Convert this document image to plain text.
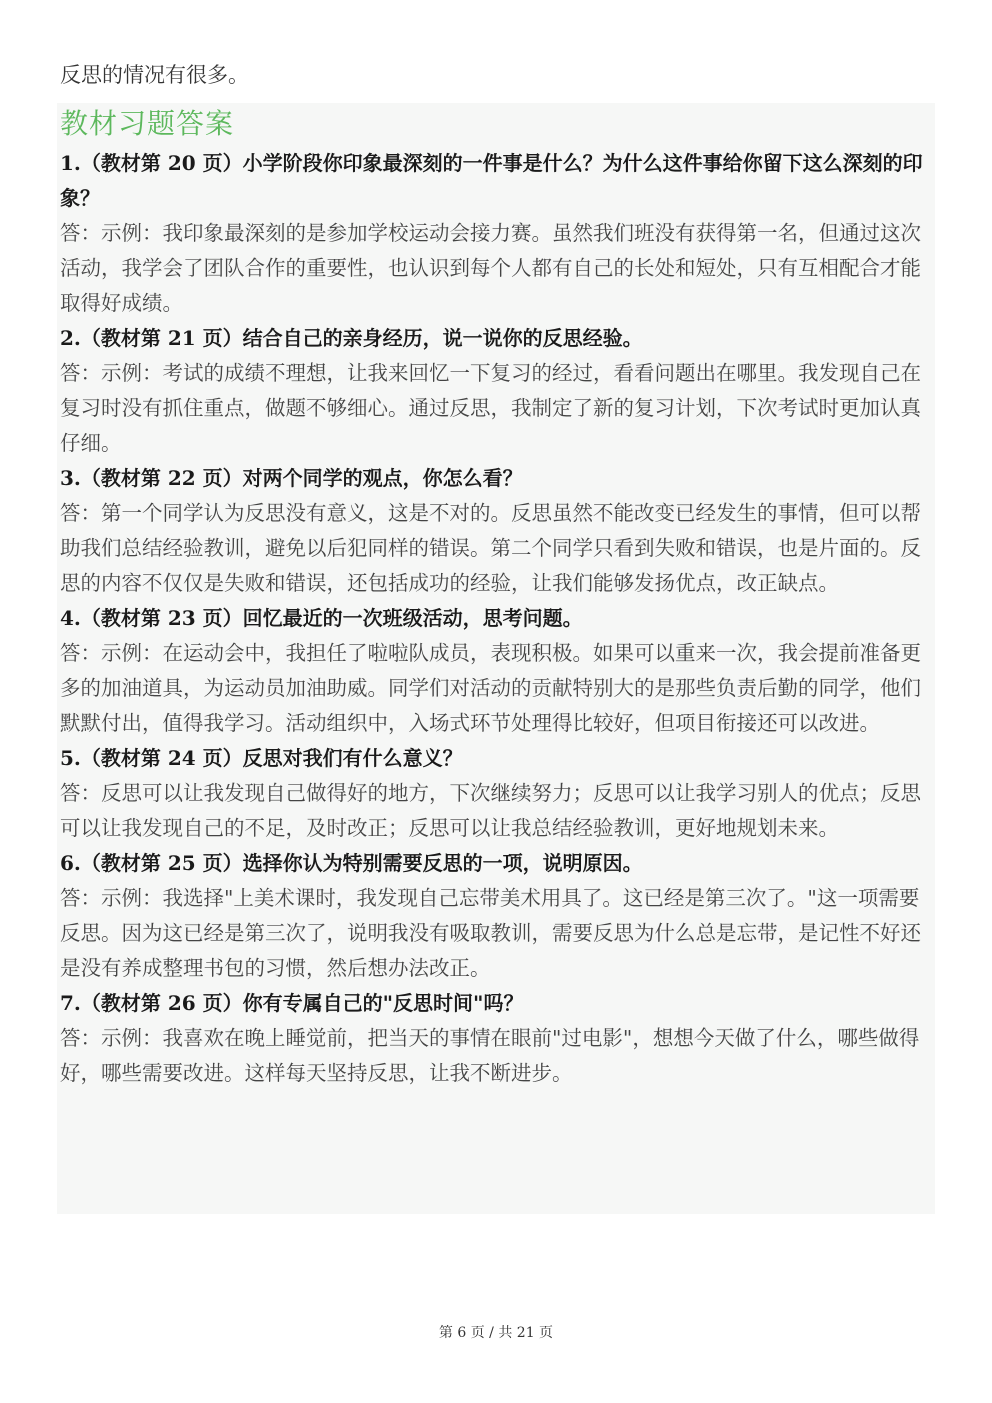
反思的情况有很多。
教材习题答案

1.（教材第 20 页）小学阶段你印象最深刻的一件事是什么？为什么这件事给你留下这么深刻的印象？

答：示例：我印象最深刻的是参加学校运动会接力赛。虽然我们班没有获得第一名，但通过这次活动，我学会了团队合作的重要性，也认识到每个人都有自己的长处和短处，只有互相配合才能取得好成绩。

2.（教材第 21 页）结合自己的亲身经历，说一说你的反思经验。

答：示例：考试的成绩不理想，让我来回忆一下复习的经过，看看问题出在哪里。我发现自己在复习时没有抓住重点，做题不够细心。通过反思，我制定了新的复习计划，下次考试时更加认真仔细。

3.（教材第 22 页）对两个同学的观点，你怎么看？

答：第一个同学认为反思没有意义，这是不对的。反思虽然不能改变已经发生的事情，但可以帮助我们总结经验教训，避免以后犯同样的错误。第二个同学只看到失败和错误，也是片面的。反思的内容不仅仅是失败和错误，还包括成功的经验，让我们能够发扬优点，改正缺点。

4.（教材第 23 页）回忆最近的一次班级活动，思考问题。

答：示例：在运动会中，我担任了啦啦队成员，表现积极。如果可以重来一次，我会提前准备更多的加油道具，为运动员加油助威。同学们对活动的贡献特别大的是那些负责后勤的同学，他们默默付出，值得我学习。活动组织中，入场式环节处理得比较好，但项目衔接还可以改进。

5.（教材第 24 页）反思对我们有什么意义？

答：反思可以让我发现自己做得好的地方，下次继续努力；反思可以让我学习别人的优点；反思可以让我发现自己的不足，及时改正；反思可以让我总结经验教训，更好地规划未来。

6.（教材第 25 页）选择你认为特别需要反思的一项，说明原因。

答：示例：我选择"上美术课时，我发现自己忘带美术用具了。这已经是第三次了。"这一项需要反思。因为这已经是第三次了，说明我没有吸取教训，需要反思为什么总是忘带，是记性不好还是没有养成整理书包的习惯，然后想办法改正。

7.（教材第 26 页）你有专属自己的"反思时间"吗？

答：示例：我喜欢在晚上睡觉前，把当天的事情在眼前"过电影"，想想今天做了什么，哪些做得好，哪些需要改进。这样每天坚持反思，让我不断进步。

第 6 页 / 共 21 页
